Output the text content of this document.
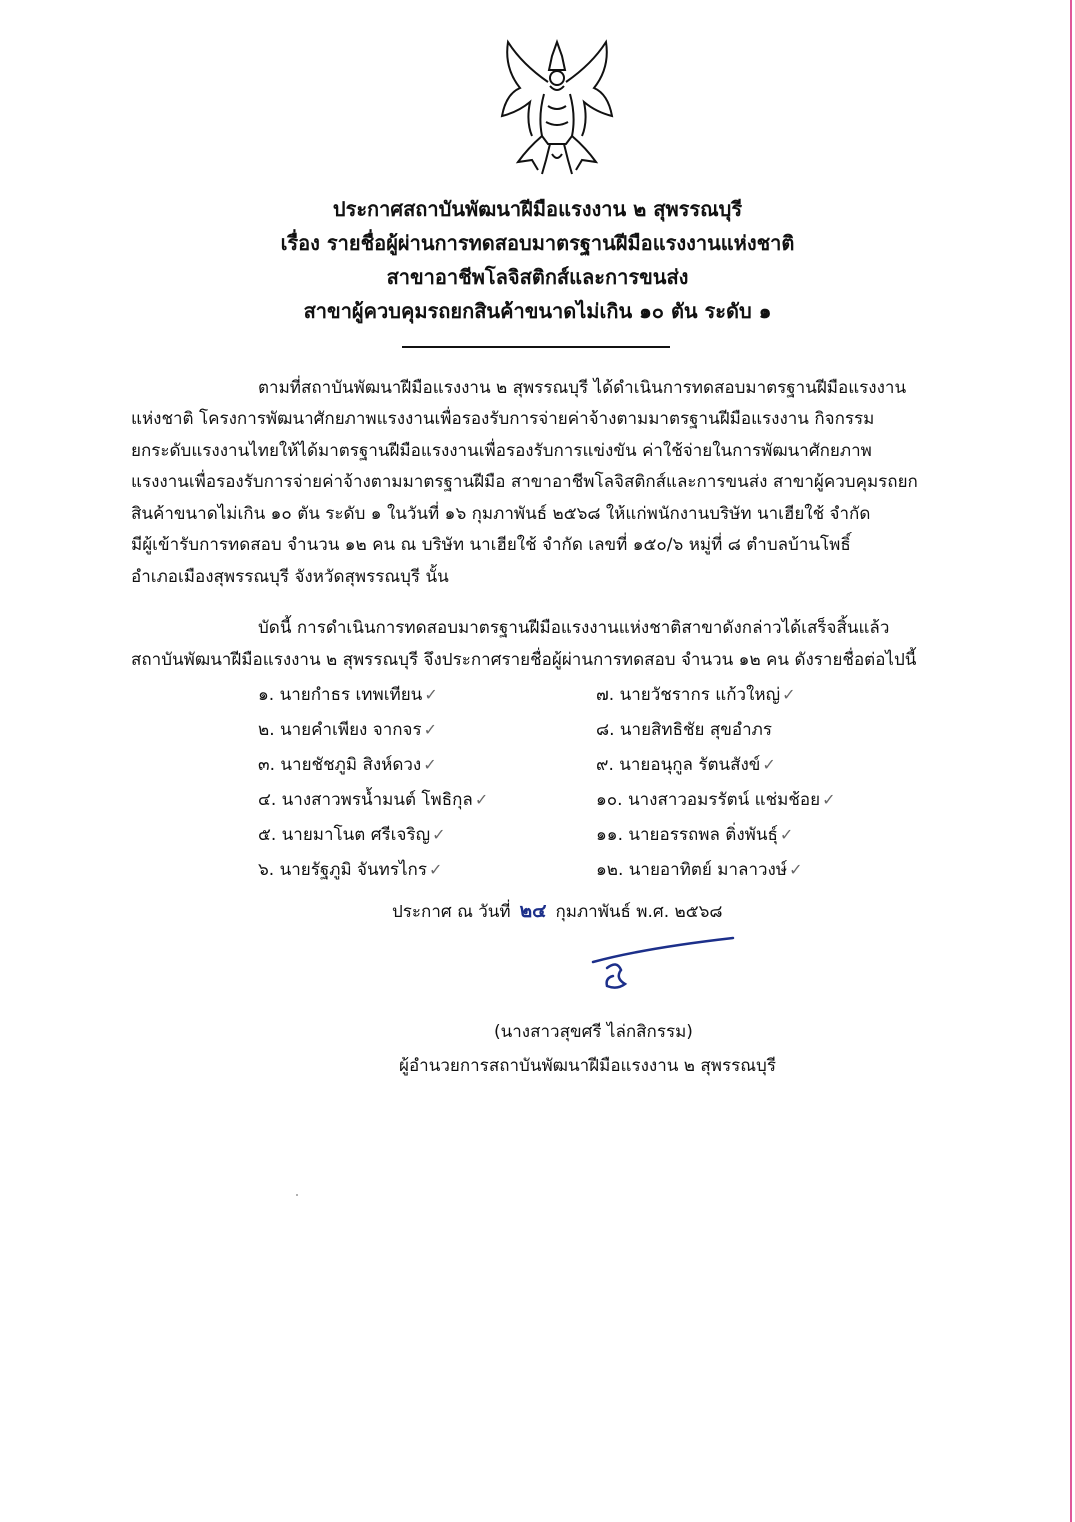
ประกาศสถาบันพัฒนาฝีมือแรงงาน ๒ สุพรรณบุรี
เรื่อง รายชื่อผู้ผ่านการทดสอบมาตรฐานฝีมือแรงงานแห่งชาติ
สาขาอาชีพโลจิสติกส์และการขนส่ง
สาขาผู้ควบคุมรถยกสินค้าขนาดไม่เกิน ๑๐ ตัน ระดับ ๑
ตามที่สถาบันพัฒนาฝีมือแรงงาน ๒ สุพรรณบุรี ได้ดำเนินการทดสอบมาตรฐานฝีมือแรงงาน
แห่งชาติ โครงการพัฒนาศักยภาพแรงงานเพื่อรองรับการจ่ายค่าจ้างตามมาตรฐานฝีมือแรงงาน กิจกรรม
ยกระดับแรงงานไทยให้ได้มาตรฐานฝีมือแรงงานเพื่อรองรับการแข่งขัน ค่าใช้จ่ายในการพัฒนาศักยภาพ
แรงงานเพื่อรองรับการจ่ายค่าจ้างตามมาตรฐานฝีมือ สาขาอาชีพโลจิสติกส์และการขนส่ง สาขาผู้ควบคุมรถยก
สินค้าขนาดไม่เกิน ๑๐ ตัน ระดับ ๑ ในวันที่ ๑๖ กุมภาพันธ์ ๒๕๖๘ ให้แก่พนักงานบริษัท นาเฮียใช้ จำกัด
มีผู้เข้ารับการทดสอบ จำนวน ๑๒ คน ณ บริษัท นาเฮียใช้ จำกัด เลขที่ ๑๕๐/๖ หมู่ที่ ๘ ตำบลบ้านโพธิ์
อำเภอเมืองสุพรรณบุรี จังหวัดสุพรรณบุรี นั้น
บัดนี้ การดำเนินการทดสอบมาตรฐานฝีมือแรงงานแห่งชาติสาขาดังกล่าวได้เสร็จสิ้นแล้ว
สถาบันพัฒนาฝีมือแรงงาน ๒ สุพรรณบุรี จึงประกาศรายชื่อผู้ผ่านการทดสอบ จำนวน ๑๒ คน ดังรายชื่อต่อไปนี้
๑. นายกำธร เทพเทียน ✓
๒. นายคำเพียง จากจร ✓
๓. นายชัชภูมิ สิงห์ดวง ✓
๔. นางสาวพรน้ำมนต์ โพธิกุล ✓
๕. นายมาโนต ศรีเจริญ ✓
๖. นายรัฐภูมิ จันทรไกร ✓
๗. นายวัชรากร แก้วใหญ่ ✓
๘. นายสิทธิชัย สุขอำภร
๙. นายอนุกูล รัตนสังข์ ✓
๑๐. นางสาวอมรรัตน์ แช่มช้อย ✓
๑๑. นายอรรถพล ติ่งพันธุ์ ✓
๑๒. นายอาทิตย์ มาลาวงษ์ ✓
ประกาศ ณ วันที่ ๒๔ กุมภาพันธ์ พ.ศ. ๒๕๖๘
(นางสาวสุขศรี ไล่กสิกรรม)
ผู้อำนวยการสถาบันพัฒนาฝีมือแรงงาน ๒ สุพรรณบุรี
